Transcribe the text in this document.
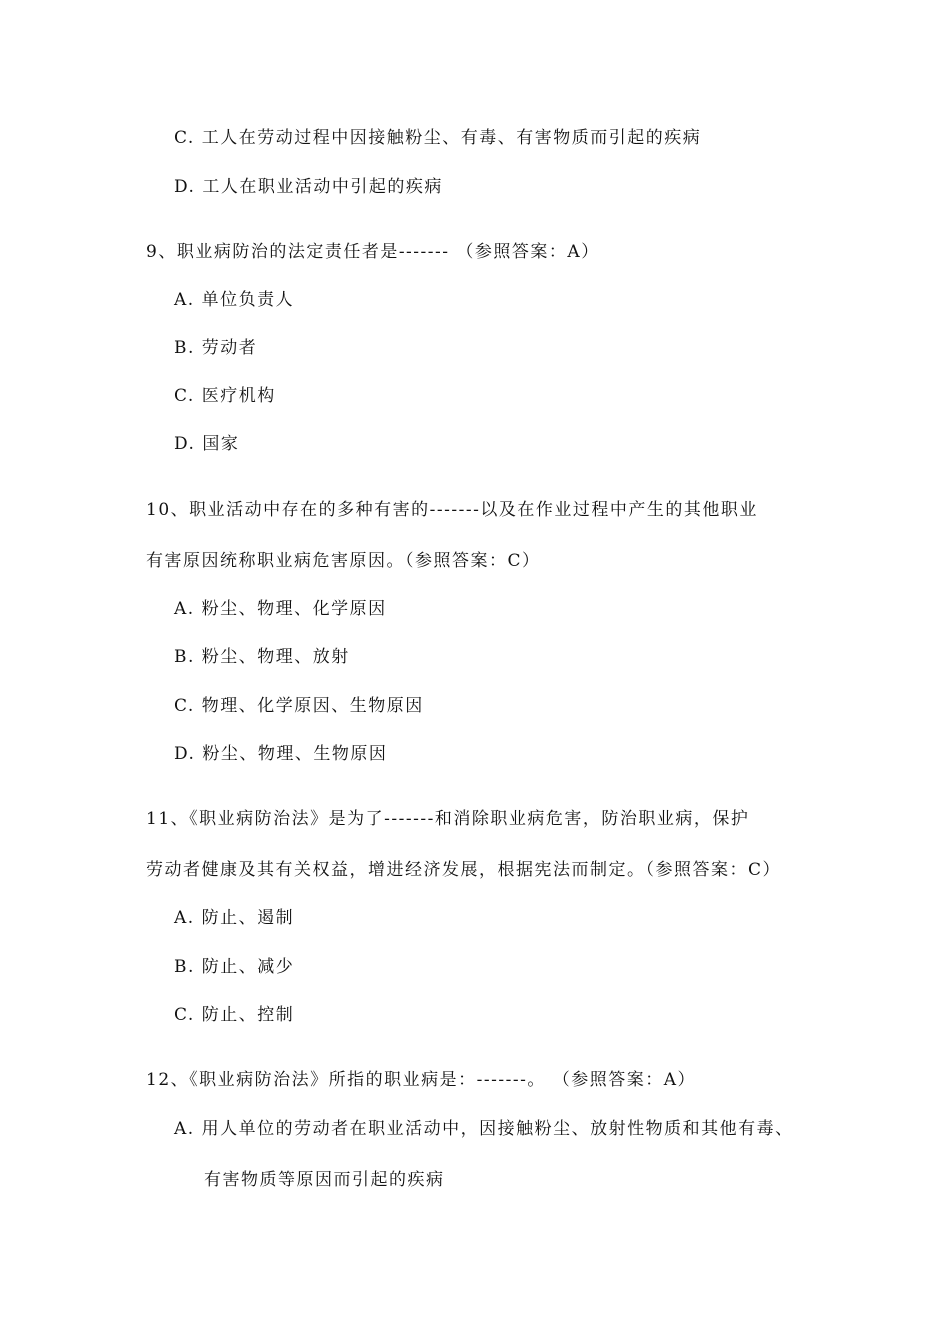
C. 工人在劳动过程中因接触粉尘、有毒、有害物质而引起的疾病
D. 工人在职业活动中引起的疾病
9、职业病防治的法定责任者是------- （参照答案：A）
A. 单位负责人
B. 劳动者
C. 医疗机构
D. 国家
10、职业活动中存在的多种有害的-------以及在作业过程中产生的其他职业
有害原因统称职业病危害原因。（参照答案：C）
A. 粉尘、物理、化学原因
B. 粉尘、物理、放射
C. 物理、化学原因、生物原因
D. 粉尘、物理、生物原因
11、《职业病防治法》是为了-------和消除职业病危害，防治职业病，保护
劳动者健康及其有关权益，增进经济发展，根据宪法而制定。（参照答案：C）
A. 防止、遏制
B. 防止、减少
C. 防止、控制
12、《职业病防治法》所指的职业病是：-------。 （参照答案：A）
A. 用人单位的劳动者在职业活动中，因接触粉尘、放射性物质和其他有毒、
有害物质等原因而引起的疾病
